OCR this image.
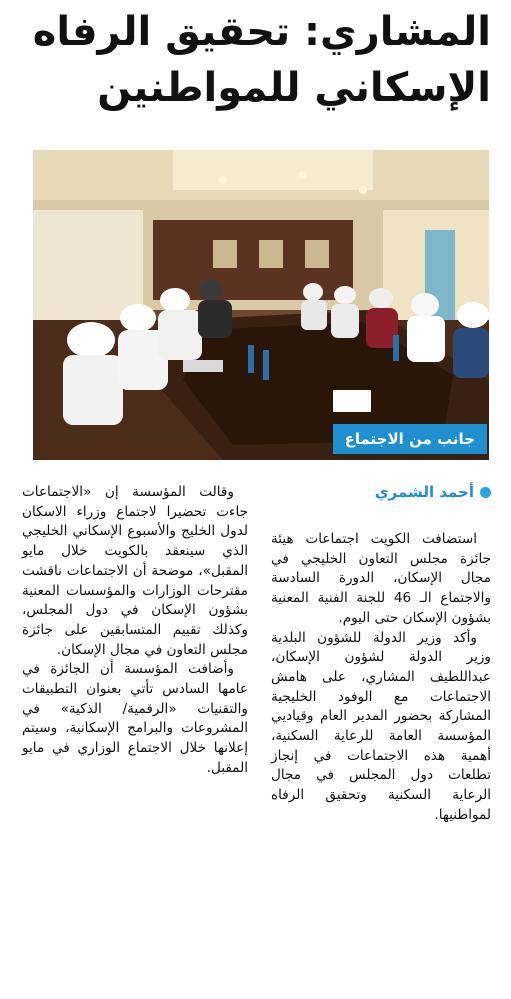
المشاري: تحقيق الرفاه
الإسكاني للمواطنين
جانب من الاجتماع
أحمد الشمري

استضافت الكويت اجتماعات هيئة جائزة مجلس التعاون الخليجي في مجال الإسكان، الدورة السادسة والاجتماع الـ 46 للجنة الفنية المعنية بشؤون الإسكان حتى اليوم.

وأكد وزير الدولة للشؤون البلدية وزير الدولة لشؤون الإسكان، عبداللطيف المشاري، على هامش الاجتماعات مع الوفود الخليجية المشاركة بحضور المدير العام وقياديي المؤسسة العامة للرعاية السكنية، أهمية هذه الاجتماعات في إنجاز تطلعات دول المجلس في مجال الرعاية السكنية وتحقيق الرفاه لمواطنيها.

وقالت المؤسسة إن «الاجتماعات جاءت تحضيرا لاجتماع وزراء الاسكان لدول الخليج والأسبوع الإسكاني الخليجي الذي سينعقد بالكويت خلال مايو المقبل»، موضحة أن الاجتماعات ناقشت مقترحات الوزارات والمؤسسات المعنية بشؤون الإسكان في دول المجلس، وكذلك تقييم المتسابقين على جائزة مجلس التعاون في مجال الإسكان.

وأضافت المؤسسة أن الجائزة في عامها السادس تأتي بعنوان التطبيقات والتقنيات «الرقمية/ الذكية» في المشروعات والبرامج الإسكانية، وسيتم إعلانها خلال الاجتماع الوزاري في مايو المقبل.
